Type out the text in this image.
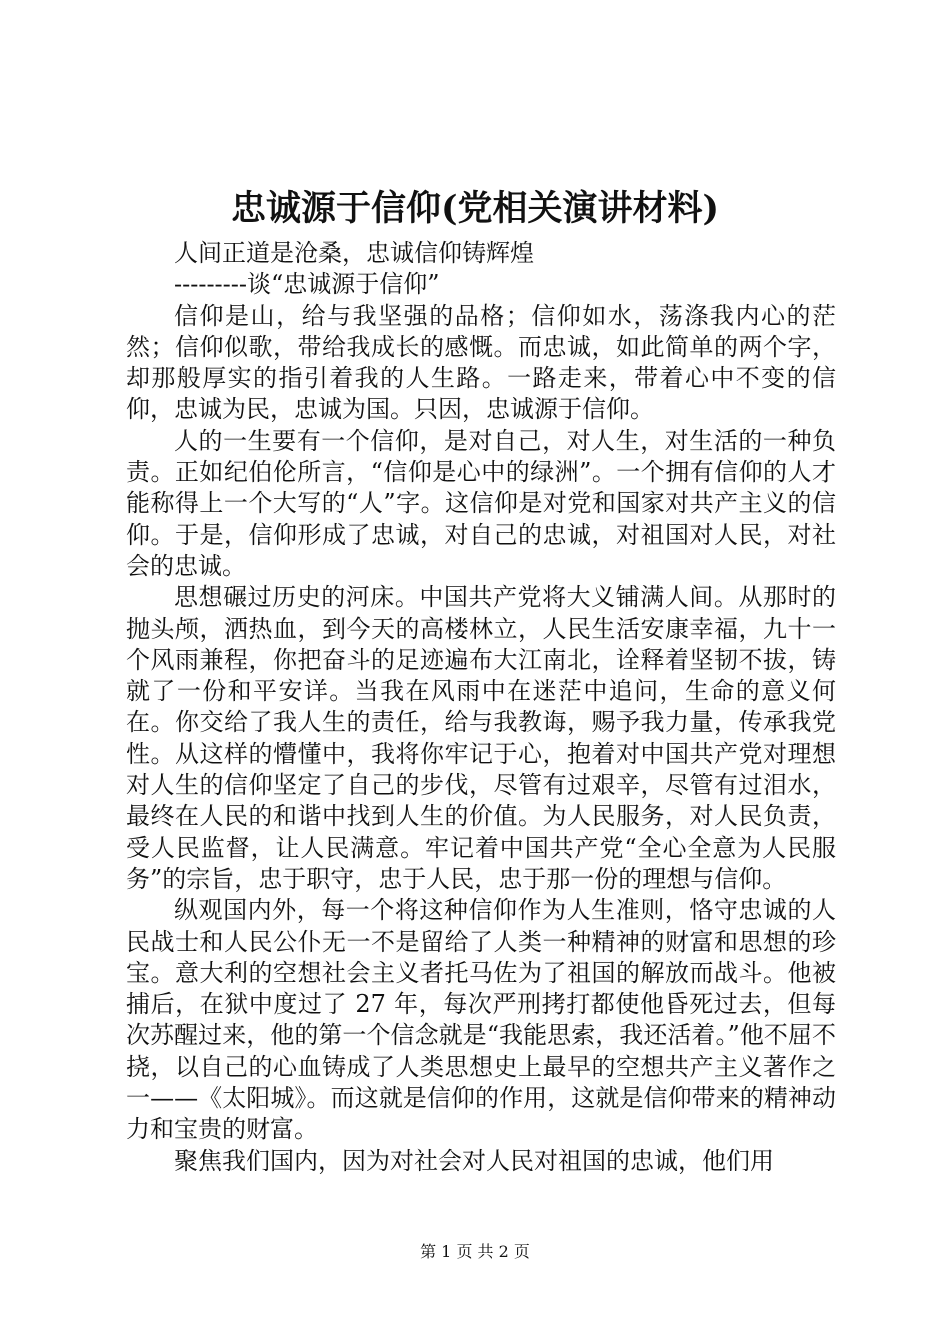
忠诚源于信仰(党相关演讲材料)

人间正道是沧桑，忠诚信仰铸辉煌

---------谈“忠诚源于信仰”

信仰是山，给与我坚强的品格；信仰如水，荡涤我内心的茫然；信仰似歌，带给我成长的感慨。而忠诚，如此简单的两个字，却那般厚实的指引着我的人生路。一路走来，带着心中不变的信仰，忠诚为民，忠诚为国。只因，忠诚源于信仰。

人的一生要有一个信仰，是对自己，对人生，对生活的一种负责。正如纪伯伦所言，“信仰是心中的绿洲”。一个拥有信仰的人才能称得上一个大写的“人”字。这信仰是对党和国家对共产主义的信仰。于是，信仰形成了忠诚，对自己的忠诚，对祖国对人民，对社会的忠诚。

思想碾过历史的河床。中国共产党将大义铺满人间。从那时的抛头颅，洒热血，到今天的高楼林立，人民生活安康幸福，九十一个风雨兼程，你把奋斗的足迹遍布大江南北，诠释着坚韧不拔，铸就了一份和平安详。当我在风雨中在迷茫中追问，生命的意义何在。你交给了我人生的责任，给与我教诲，赐予我力量，传承我党性。从这样的懵懂中，我将你牢记于心，抱着对中国共产党对理想对人生的信仰坚定了自己的步伐，尽管有过艰辛，尽管有过泪水，最终在人民的和谐中找到人生的价值。为人民服务，对人民负责，受人民监督，让人民满意。牢记着中国共产党“全心全意为人民服务”的宗旨，忠于职守，忠于人民，忠于那一份的理想与信仰。

纵观国内外，每一个将这种信仰作为人生准则，恪守忠诚的人民战士和人民公仆无一不是留给了人类一种精神的财富和思想的珍宝。意大利的空想社会主义者托马佐为了祖国的解放而战斗。他被捕后，在狱中度过了 27 年，每次严刑拷打都使他昏死过去，但每次苏醒过来，他的第一个信念就是“我能思索，我还活着。”他不屈不挠，以自己的心血铸成了人类思想史上最早的空想共产主义著作之一——《太阳城》。而这就是信仰的作用，这就是信仰带来的精神动力和宝贵的财富。

聚焦我们国内，因为对社会对人民对祖国的忠诚，他们用

第 1 页 共 2 页
